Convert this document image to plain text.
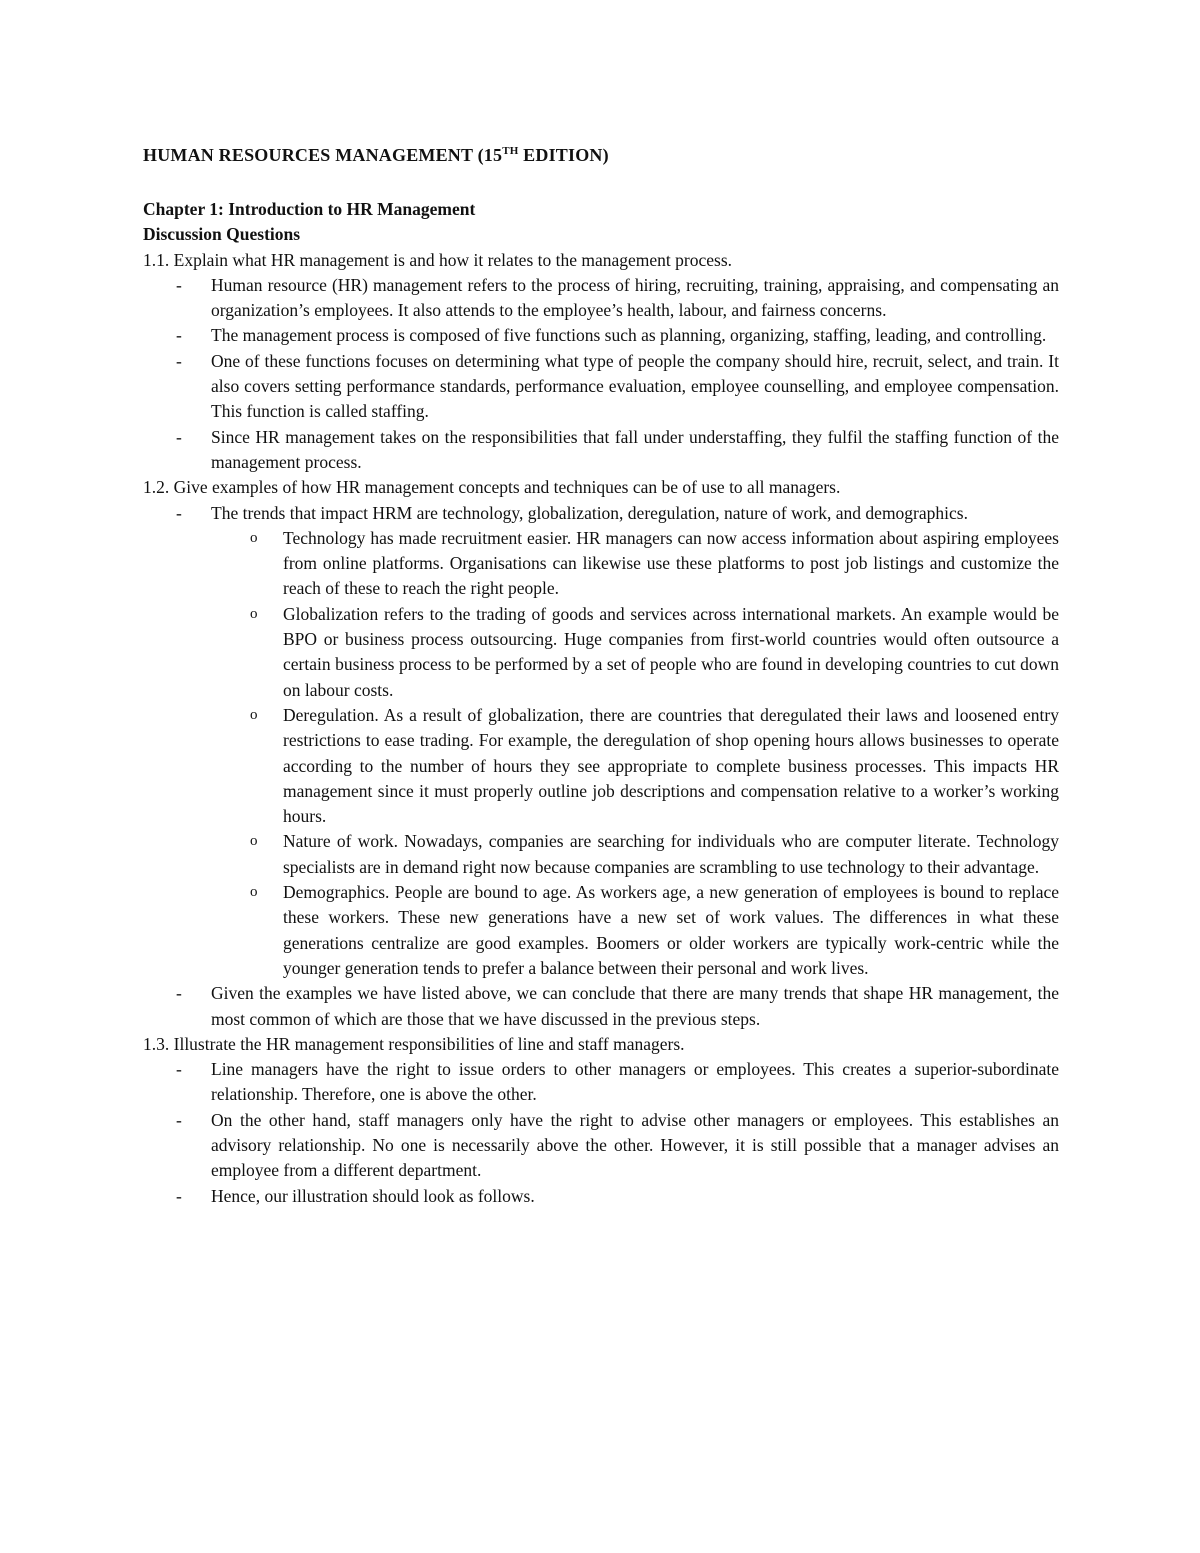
HUMAN RESOURCES MANAGEMENT (15TH EDITION)

Chapter 1: Introduction to HR Management

Discussion Questions

1.1. Explain what HR management is and how it relates to the management process.

- Human resource (HR) management refers to the process of hiring, recruiting, training, appraising, and compensating an organization’s employees. It also attends to the employee’s health, labour, and fairness concerns.
- The management process is composed of five functions such as planning, organizing, staffing, leading, and controlling.
- One of these functions focuses on determining what type of people the company should hire, recruit, select, and train. It also covers setting performance standards, performance evaluation, employee counselling, and employee compensation. This function is called staffing.
- Since HR management takes on the responsibilities that fall under understaffing, they fulfil the staffing function of the management process.

1.2. Give examples of how HR management concepts and techniques can be of use to all managers.

- The trends that impact HRM are technology, globalization, deregulation, nature of work, and demographics.
o Technology has made recruitment easier. HR managers can now access information about aspiring employees from online platforms. Organisations can likewise use these platforms to post job listings and customize the reach of these to reach the right people.
o Globalization refers to the trading of goods and services across international markets. An example would be BPO or business process outsourcing. Huge companies from first-world countries would often outsource a certain business process to be performed by a set of people who are found in developing countries to cut down on labour costs.
o Deregulation. As a result of globalization, there are countries that deregulated their laws and loosened entry restrictions to ease trading. For example, the deregulation of shop opening hours allows businesses to operate according to the number of hours they see appropriate to complete business processes. This impacts HR management since it must properly outline job descriptions and compensation relative to a worker’s working hours.
o Nature of work. Nowadays, companies are searching for individuals who are computer literate. Technology specialists are in demand right now because companies are scrambling to use technology to their advantage.
o Demographics. People are bound to age. As workers age, a new generation of employees is bound to replace these workers. These new generations have a new set of work values. The differences in what these generations centralize are good examples. Boomers or older workers are typically work-centric while the younger generation tends to prefer a balance between their personal and work lives.
- Given the examples we have listed above, we can conclude that there are many trends that shape HR management, the most common of which are those that we have discussed in the previous steps.

1.3. Illustrate the HR management responsibilities of line and staff managers.

- Line managers have the right to issue orders to other managers or employees. This creates a superior-subordinate relationship. Therefore, one is above the other.
- On the other hand, staff managers only have the right to advise other managers or employees. This establishes an advisory relationship. No one is necessarily above the other. However, it is still possible that a manager advises an employee from a different department.
- Hence, our illustration should look as follows.
